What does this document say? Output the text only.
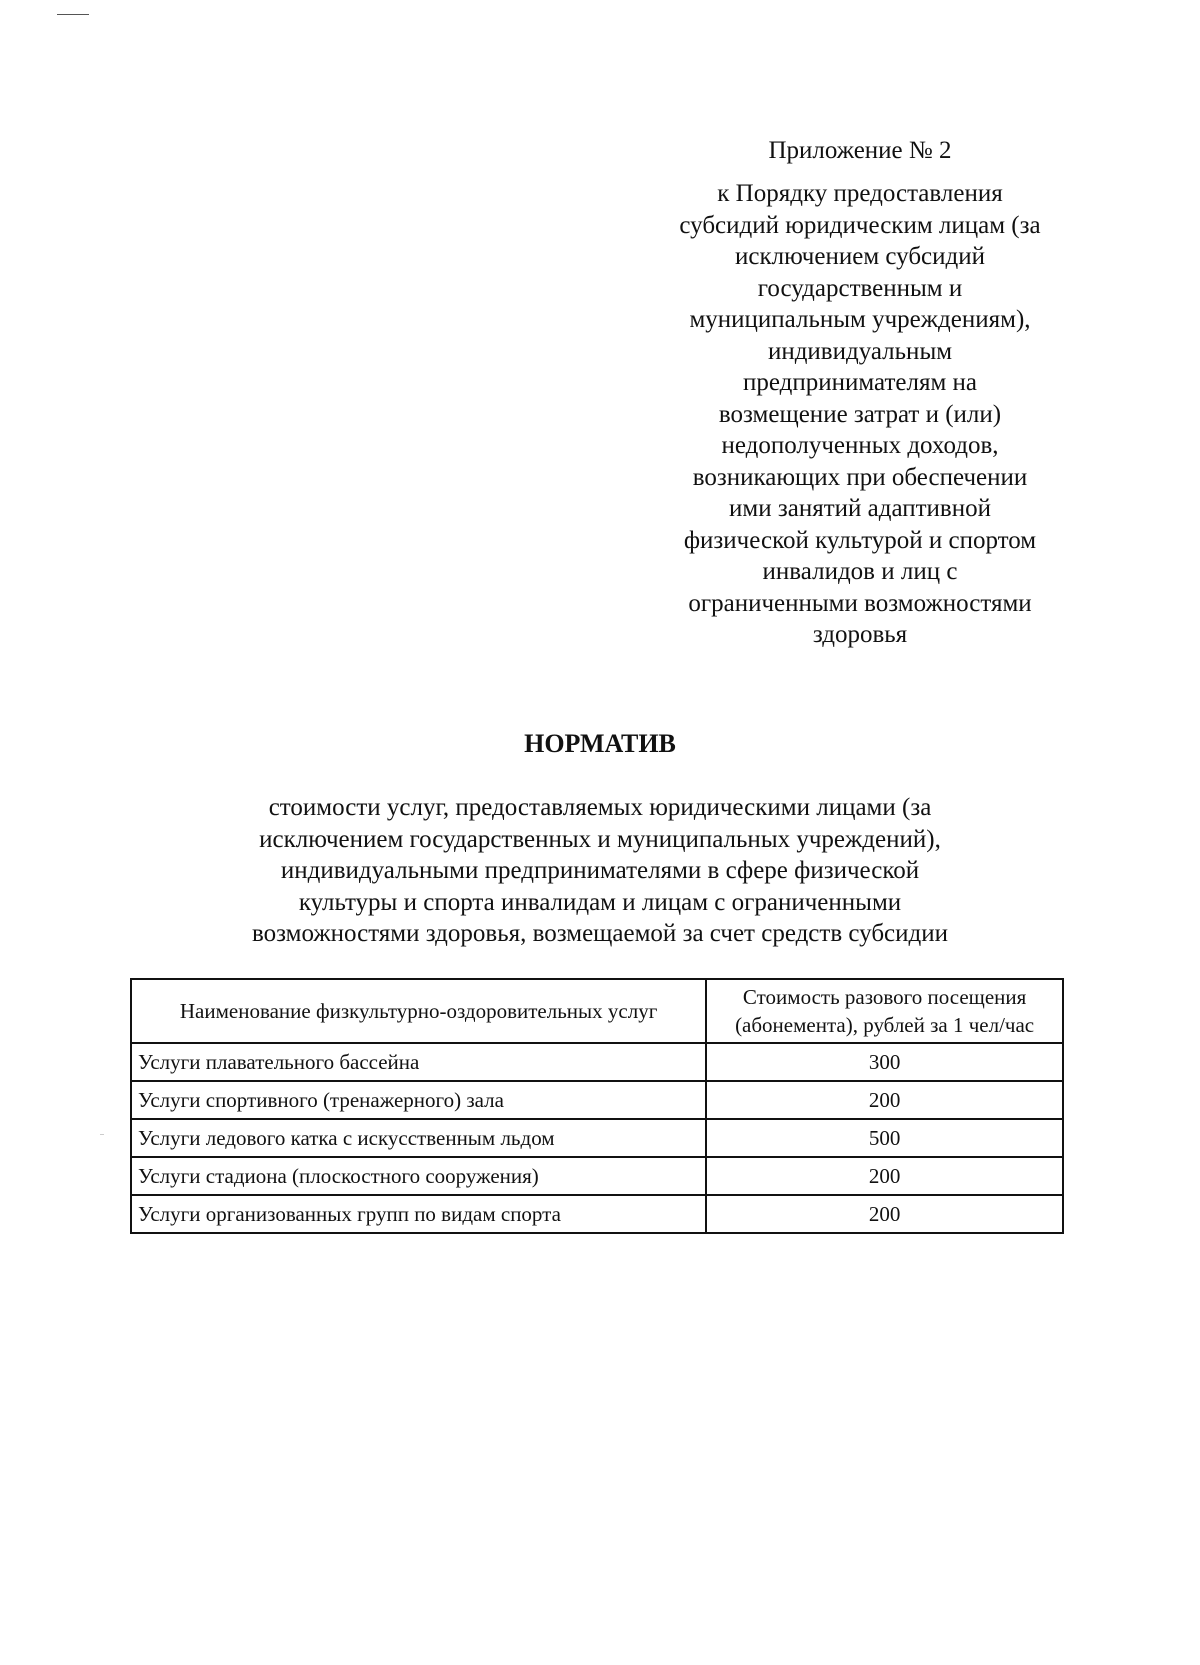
Приложение № 2
к Порядку предоставления
субсидий юридическим лицам (за
исключением субсидий
государственным и
муниципальным учреждениям),
индивидуальным
предпринимателям на
возмещение затрат и (или)
недополученных доходов,
возникающих при обеспечении
ими занятий адаптивной
физической культурой и спортом
инвалидов и лиц с
ограниченными возможностями
здоровья
НОРМАТИВ
стоимости услуг, предоставляемых юридическими лицами (за
исключением государственных и муниципальных учреждений),
индивидуальными предпринимателями в сфере физической
культуры и спорта инвалидам и лицам с ограниченными
возможностями здоровья, возмещаемой за счет средств субсидии
Наименование физкультурно-оздоровительных услуг	Стоимость разового посещения
(абонемента), рублей за 1 чел/час
Услуги плавательного бассейна	300
Услуги спортивного (тренажерного) зала	200
Услуги ледового катка с искусственным льдом	500
Услуги стадиона (плоскостного сооружения)	200
Услуги организованных групп по видам спорта	200
